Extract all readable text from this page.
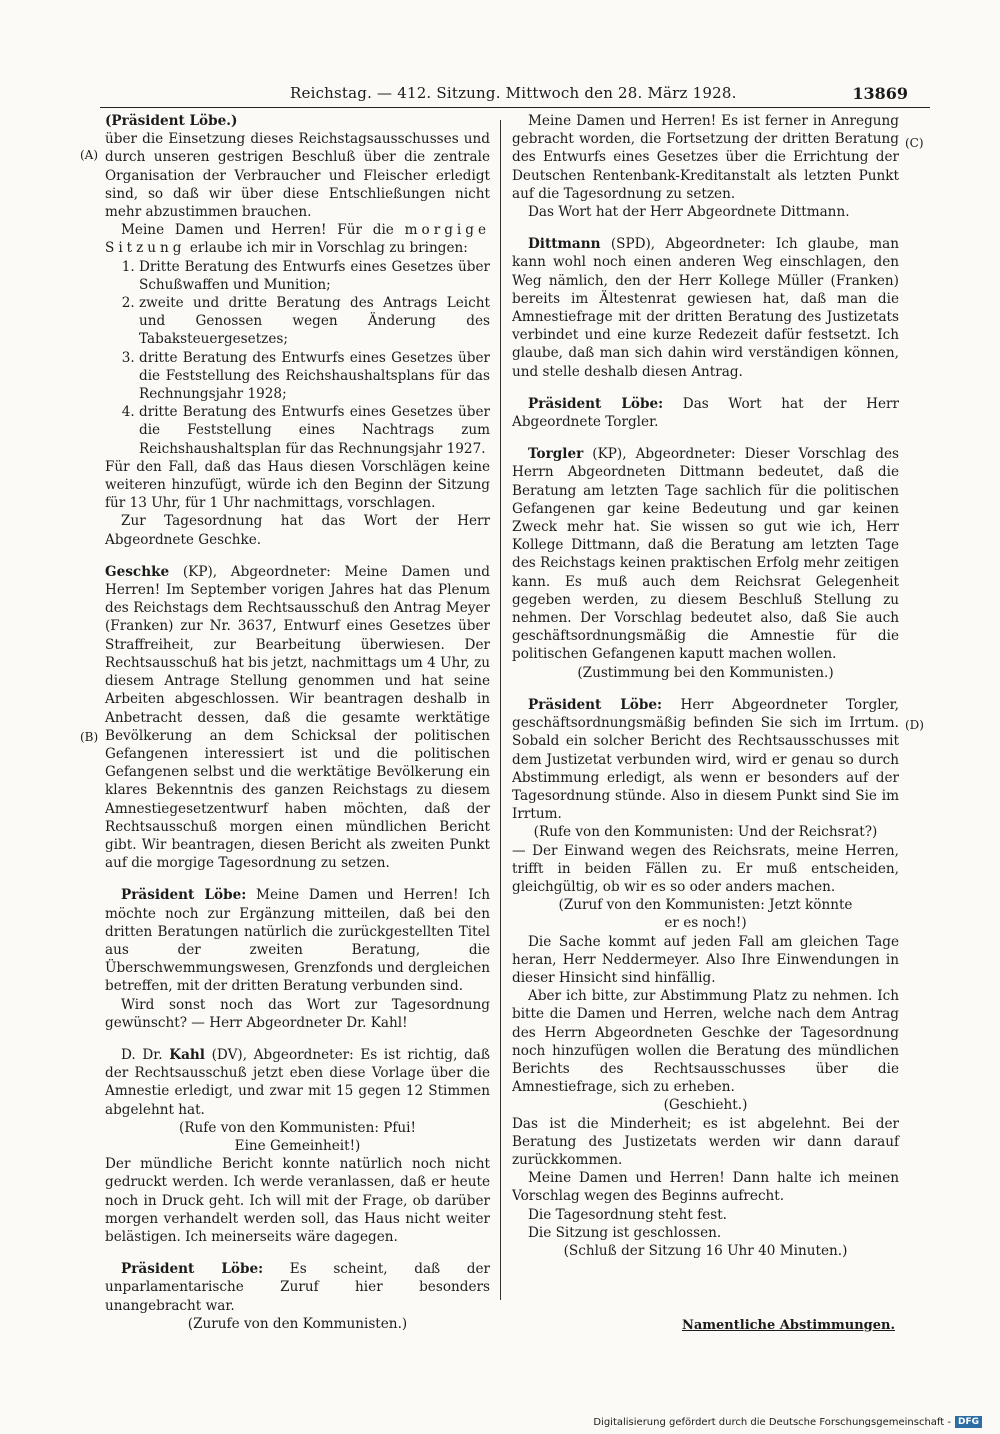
Reichstag. — 412. Sitzung. Mittwoch den 28. März 1928.	13869
(A)
(B)
(C)
(D)

(Präsident Löbe.)

über die Einsetzung dieses Reichstagsausschusses und durch unseren gestrigen Beschluß über die zentrale Organisation der Verbraucher und Fleischer erledigt sind, so daß wir über diese Entschließungen nicht mehr abzustimmen brauchen.

Meine Damen und Herren! Für die morgige Sitzung erlaube ich mir in Vorschlag zu bringen:

1. Dritte Beratung des Entwurfs eines Gesetzes über Schußwaffen und Munition;
2. zweite und dritte Beratung des Antrags Leicht und Genossen wegen Änderung des Tabaksteuergesetzes;
3. dritte Beratung des Entwurfs eines Gesetzes über die Feststellung des Reichshaushaltsplans für das Rechnungsjahr 1928;
4. dritte Beratung des Entwurfs eines Gesetzes über die Feststellung eines Nachtrags zum Reichshaushaltsplan für das Rechnungsjahr 1927.

Für den Fall, daß das Haus diesen Vorschlägen keine weiteren hinzufügt, würde ich den Beginn der Sitzung für 13 Uhr, für 1 Uhr nachmittags, vorschlagen.

Zur Tagesordnung hat das Wort der Herr Abgeordnete Geschke.

Geschke (KP), Abgeordneter: Meine Damen und Herren! Im September vorigen Jahres hat das Plenum des Reichstags dem Rechtsausschuß den Antrag Meyer (Franken) zur Nr. 3637, Entwurf eines Gesetzes über Straffreiheit, zur Bearbeitung überwiesen. Der Rechtsausschuß hat bis jetzt, nachmittags um 4 Uhr, zu diesem Antrage Stellung genommen und hat seine Arbeiten abgeschlossen. Wir beantragen deshalb in Anbetracht dessen, daß die gesamte werktätige Bevölkerung an dem Schicksal der politischen Gefangenen interessiert ist und die politischen Gefangenen selbst und die werktätige Bevölkerung ein klares Bekenntnis des ganzen Reichstags zu diesem Amnestiegesetzentwurf haben möchten, daß der Rechtsausschuß morgen einen mündlichen Bericht gibt. Wir beantragen, diesen Bericht als zweiten Punkt auf die morgige Tagesordnung zu setzen.

Präsident Löbe: Meine Damen und Herren! Ich möchte noch zur Ergänzung mitteilen, daß bei den dritten Beratungen natürlich die zurückgestellten Titel aus der zweiten Beratung, die Überschwemmungswesen, Grenzfonds und dergleichen betreffen, mit der dritten Beratung verbunden sind.

Wird sonst noch das Wort zur Tagesordnung gewünscht? — Herr Abgeordneter Dr. Kahl!

D. Dr. Kahl (DV), Abgeordneter: Es ist richtig, daß der Rechtsausschuß jetzt eben diese Vorlage über die Amnestie erledigt, und zwar mit 15 gegen 12 Stimmen abgelehnt hat.

(Rufe von den Kommunisten: Pfui!

Eine Gemeinheit!)

Der mündliche Bericht konnte natürlich noch nicht gedruckt werden. Ich werde veranlassen, daß er heute noch in Druck geht. Ich will mit der Frage, ob darüber morgen verhandelt werden soll, das Haus nicht weiter belästigen. Ich meinerseits wäre dagegen.

Präsident Löbe: Es scheint, daß der unparlamentarische Zuruf hier besonders unangebracht war.

(Zurufe von den Kommunisten.)

Meine Damen und Herren! Es ist ferner in Anregung gebracht worden, die Fortsetzung der dritten Beratung des Entwurfs eines Gesetzes über die Errichtung der Deutschen Rentenbank-Kreditanstalt als letzten Punkt auf die Tagesordnung zu setzen.

Das Wort hat der Herr Abgeordnete Dittmann.

Dittmann (SPD), Abgeordneter: Ich glaube, man kann wohl noch einen anderen Weg einschlagen, den Weg nämlich, den der Herr Kollege Müller (Franken) bereits im Ältestenrat gewiesen hat, daß man die Amnestiefrage mit der dritten Beratung des Justizetats verbindet und eine kurze Redezeit dafür festsetzt. Ich glaube, daß man sich dahin wird verständigen können, und stelle deshalb diesen Antrag.

Präsident Löbe: Das Wort hat der Herr Abgeordnete Torgler.

Torgler (KP), Abgeordneter: Dieser Vorschlag des Herrn Abgeordneten Dittmann bedeutet, daß die Beratung am letzten Tage sachlich für die politischen Gefangenen gar keine Bedeutung und gar keinen Zweck mehr hat. Sie wissen so gut wie ich, Herr Kollege Dittmann, daß die Beratung am letzten Tage des Reichstags keinen praktischen Erfolg mehr zeitigen kann. Es muß auch dem Reichsrat Gelegenheit gegeben werden, zu diesem Beschluß Stellung zu nehmen. Der Vorschlag bedeutet also, daß Sie auch geschäftsordnungsmäßig die Amnestie für die politischen Gefangenen kaputt machen wollen.

(Zustimmung bei den Kommunisten.)

Präsident Löbe: Herr Abgeordneter Torgler, geschäftsordnungsmäßig befinden Sie sich im Irrtum. Sobald ein solcher Bericht des Rechtsausschusses mit dem Justizetat verbunden wird, wird er genau so durch Abstimmung erledigt, als wenn er besonders auf der Tagesordnung stünde. Also in diesem Punkt sind Sie im Irrtum.

(Rufe von den Kommunisten: Und der Reichsrat?)

— Der Einwand wegen des Reichsrats, meine Herren, trifft in beiden Fällen zu. Er muß entscheiden, gleichgültig, ob wir es so oder anders machen.

(Zuruf von den Kommunisten: Jetzt könnte

er es noch!)

Die Sache kommt auf jeden Fall am gleichen Tage heran, Herr Neddermeyer. Also Ihre Einwendungen in dieser Hinsicht sind hinfällig.

Aber ich bitte, zur Abstimmung Platz zu nehmen. Ich bitte die Damen und Herren, welche nach dem Antrag des Herrn Abgeordneten Geschke der Tagesordnung noch hinzufügen wollen die Beratung des mündlichen Berichts des Rechtsausschusses über die Amnestiefrage, sich zu erheben.

(Geschieht.)

Das ist die Minderheit; es ist abgelehnt. Bei der Beratung des Justizetats werden wir dann darauf zurückkommen.

Meine Damen und Herren! Dann halte ich meinen Vorschlag wegen des Beginns aufrecht.

Die Tagesordnung steht fest.

Die Sitzung ist geschlossen.

(Schluß der Sitzung 16 Uhr 40 Minuten.)

Namentliche Abstimmungen.
Digitalisierung gefördert durch die Deutsche Forschungsgemeinschaft - DFG
